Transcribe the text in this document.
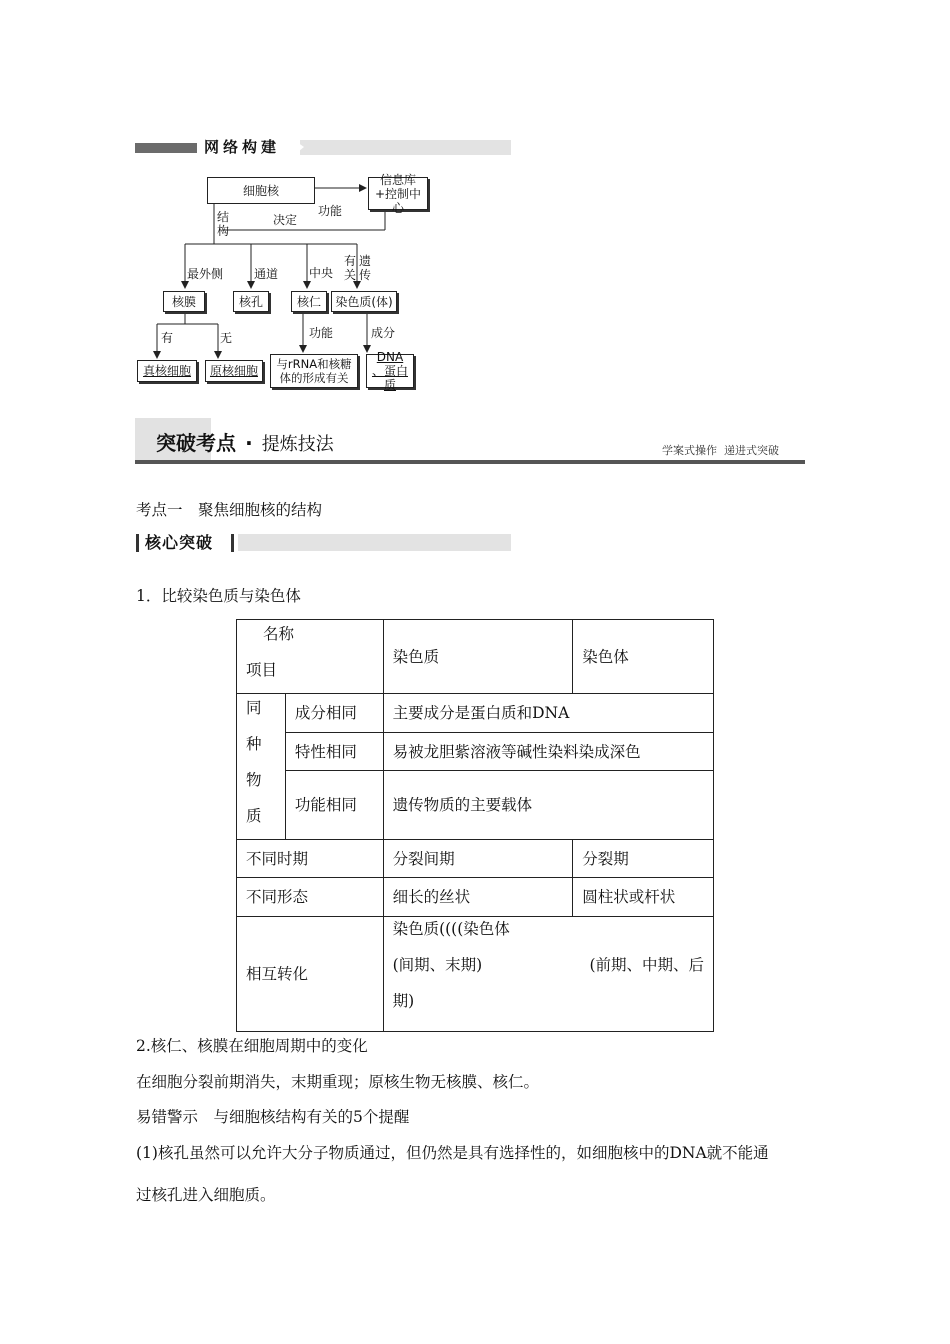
网络构建
细胞核
信息库+控制中心
结构
决定
功能
最外侧	通道	中央
有关
遗传
核膜	核孔	核仁	染色质(体)
有	无	功能	成分
真核细胞 原核细胞	与rRNA和核糖体的形成有关
DNA 、蛋白质
突破考点 · 提炼技法	学案式操作  递进式突破
考点一　聚焦细胞核的结构
核心突破
1．比较染色质与染色体
名称
项目		染色质	染色体

同
种
物
质	成分相同	主要成分是蛋白质和DNA	
	特性相同	易被龙胆紫溶液等碱性染料染成深色	
	功能相同	遗传物质的主要载体	
不同时期		分裂间期	分裂期
不同形态		细长的丝状	圆柱状或杆状
相互转化		染色质((((染色体
(间期、末期) (前期、中期、后
期)	
2.核仁、核膜在细胞周期中的变化
在细胞分裂前期消失，末期重现；原核生物无核膜、核仁。
易错警示　与细胞核结构有关的5个提醒
(1)核孔虽然可以允许大分子物质通过，但仍然是具有选择性的，如细胞核中的DNA就不能通
过核孔进入细胞质。
